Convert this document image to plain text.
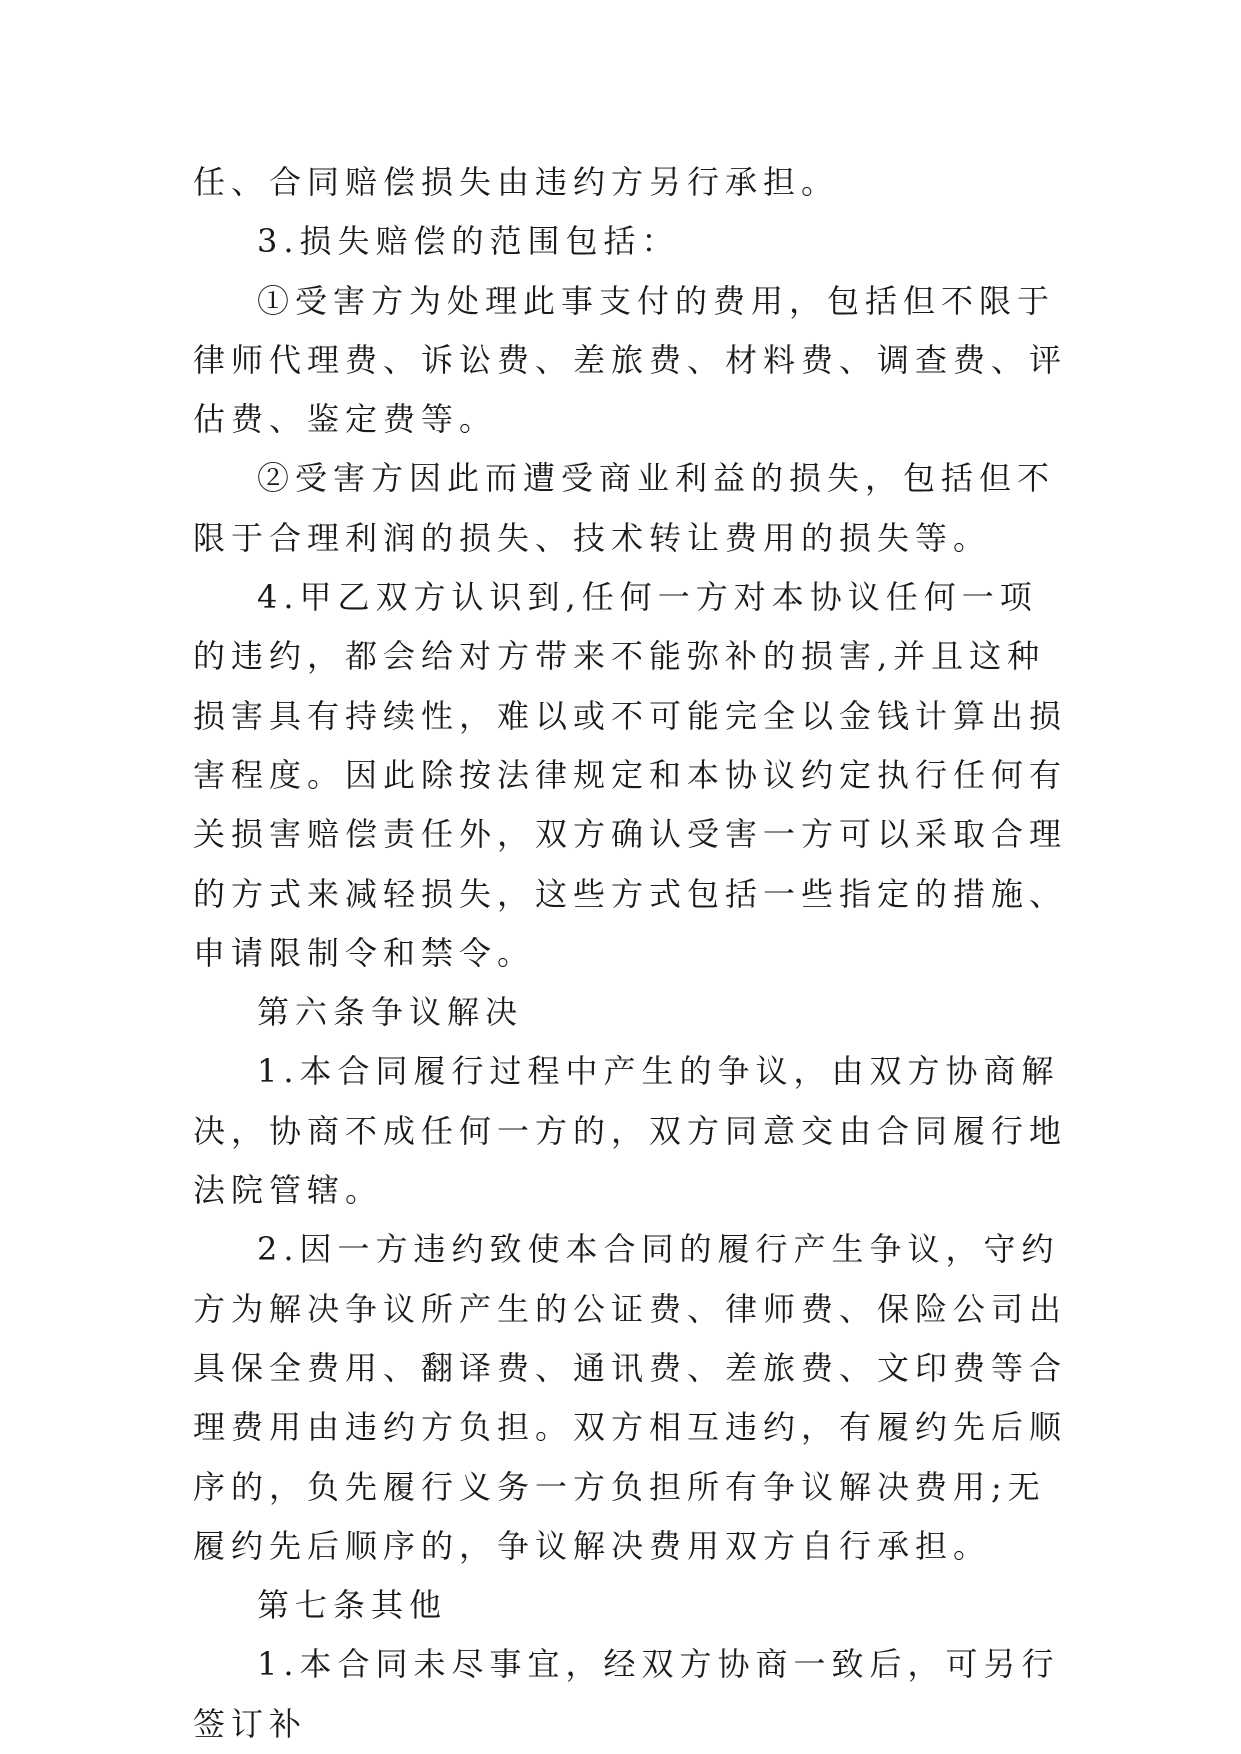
任、合同赔偿损失由违约方另行承担。

3.损失赔偿的范围包括：

①受害方为处理此事支付的费用，包括但不限于律师代理费、诉讼费、差旅费、材料费、调查费、评估费、鉴定费等。

②受害方因此而遭受商业利益的损失，包括但不限于合理利润的损失、技术转让费用的损失等。

4.甲乙双方认识到,任何一方对本协议任何一项的违约，都会给对方带来不能弥补的损害,并且这种损害具有持续性，难以或不可能完全以金钱计算出损害程度。因此除按法律规定和本协议约定执行任何有关损害赔偿责任外，双方确认受害一方可以采取合理的方式来减轻损失，这些方式包括一些指定的措施、申请限制令和禁令。

第六条争议解决

1.本合同履行过程中产生的争议，由双方协商解决，协商不成任何一方的，双方同意交由合同履行地法院管辖。

2.因一方违约致使本合同的履行产生争议，守约方为解决争议所产生的公证费、律师费、保险公司出具保全费用、翻译费、通讯费、差旅费、文印费等合理费用由违约方负担。双方相互违约，有履约先后顺序的，负先履行义务一方负担所有争议解决费用;无履约先后顺序的，争议解决费用双方自行承担。

第七条其他

1.本合同未尽事宜，经双方协商一致后，可另行签订补
